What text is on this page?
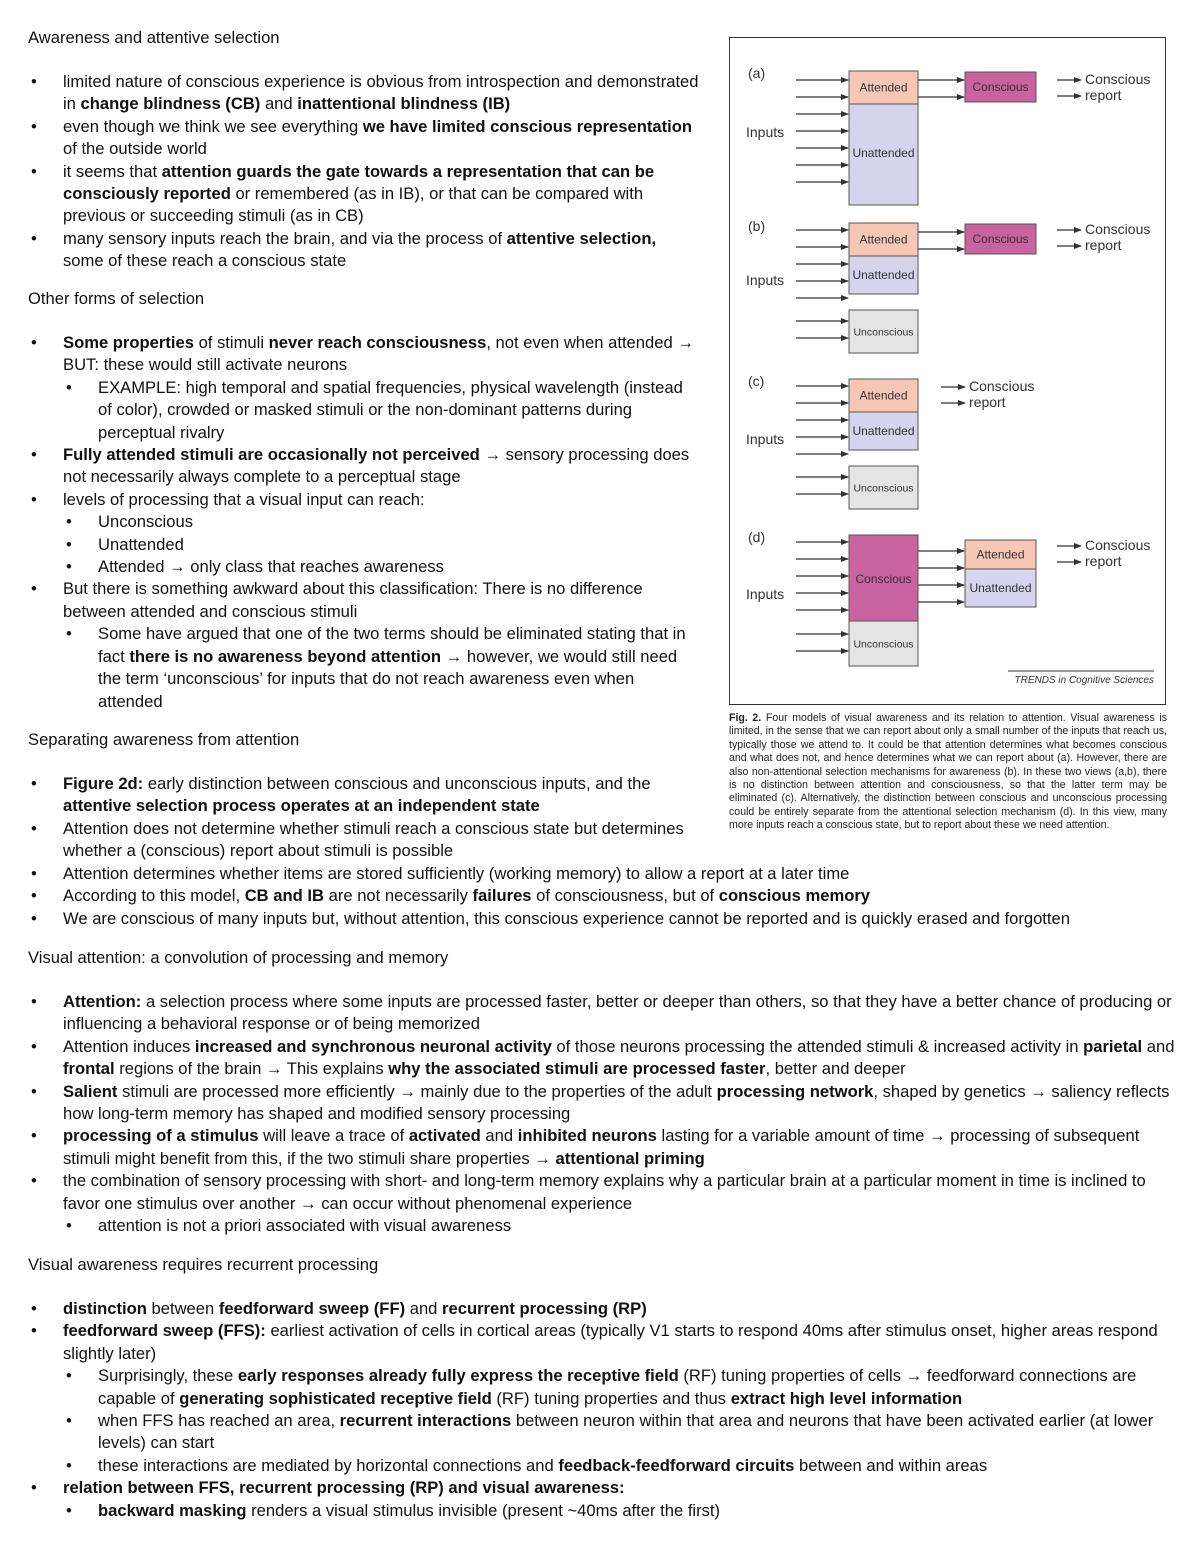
Awareness and attentive selection
• limited nature of conscious experience is obvious from introspection and demonstrated in change blindness (CB) and inattentional blindness (IB)
• even though we think we see everything we have limited conscious representation of the outside world
• it seems that attention guards the gate towards a representation that can be consciously reported or remembered (as in IB), or that can be compared with previous or succeeding stimuli (as in CB)
• many sensory inputs reach the brain, and via the process of attentive selection, some of these reach a conscious state
Other forms of selection
• Some properties of stimuli never reach consciousness, not even when attended → BUT: these would still activate neurons
• EXAMPLE: high temporal and spatial frequencies, physical wavelength (instead of color), crowded or masked stimuli or the non-dominant patterns during perceptual rivalry
• Fully attended stimuli are occasionally not perceived → sensory processing does not necessarily always complete to a perceptual stage
• levels of processing that a visual input can reach:
• Unconscious
• Unattended
• Attended → only class that reaches awareness
• But there is something awkward about this classification: There is no difference between attended and conscious stimuli
• Some have argued that one of the two terms should be eliminated stating that in fact there is no awareness beyond attention → however, we would still need the term ‘unconscious’ for inputs that do not reach awareness even when attended
Separating awareness from attention
• Figure 2d: early distinction between conscious and unconscious inputs, and the attentive selection process operates at an independent state
• Attention does not determine whether stimuli reach a conscious state but determines whether a (conscious) report about stimuli is possible
• Attention determines whether items are stored sufficiently (working memory) to allow a report at a later time
• According to this model, CB and IB are not necessarily failures of consciousness, but of conscious memory
• We are conscious of many inputs but, without attention, this conscious experience cannot be reported and is quickly erased and forgotten
Visual attention: a convolution of processing and memory
• Attention: a selection process where some inputs are processed faster, better or deeper than others, so that they have a better chance of producing or influencing a behavioral response or of being memorized
• Attention induces increased and synchronous neuronal activity of those neurons processing the attended stimuli & increased activity in parietal and frontal regions of the brain → This explains why the associated stimuli are processed faster, better and deeper
• Salient stimuli are processed more efficiently → mainly due to the properties of the adult processing network, shaped by genetics → saliency reflects how long-term memory has shaped and modified sensory processing
• processing of a stimulus will leave a trace of activated and inhibited neurons lasting for a variable amount of time → processing of subsequent stimuli might benefit from this, if the two stimuli share properties → attentional priming
• the combination of sensory processing with short- and long-term memory explains why a particular brain at a particular moment in time is inclined to favor one stimulus over another → can occur without phenomenal experience
• attention is not a priori associated with visual awareness
Visual awareness requires recurrent processing
• distinction between feedforward sweep (FF) and recurrent processing (RP)
• feedforward sweep (FFS): earliest activation of cells in cortical areas (typically V1 starts to respond 40ms after stimulus onset, higher areas respond slightly later)
• Surprisingly, these early responses already fully express the receptive field (RF) tuning properties of cells → feedforward connections are capable of generating sophisticated receptive field (RF) tuning properties and thus extract high level information
• when FFS has reached an area, recurrent interactions between neuron within that area and neurons that have been activated earlier (at lower levels) can start
• these interactions are mediated by horizontal connections and feedback-feedforward circuits between and within areas
• relation between FFS, recurrent processing (RP) and visual awareness:
• backward masking renders a visual stimulus invisible (present ~40ms after the first)
(a)
Inputs
Attended
Unattended
Conscious	Conscious
report
(b)
Inputs
Attended
Unattended
Unconscious
Conscious
Conscious
report
(c)
Inputs
Attended
Unattended
Unconscious
Conscious
report
(d)
Inputs
Conscious
Unconscious
Attended
Unattended
Conscious
report
TRENDS in Cognitive Sciences
Fig. 2. Four models of visual awareness and its relation to attention. Visual awareness is limited, in the sense that we can report about only a small number of the inputs that reach us, typically those we attend to. It could be that attention determines what becomes conscious and what does not, and hence determines what we can report about (a). However, there are also non-attentional selection mechanisms for awareness (b). In these two views (a,b), there is no distinction between attention and consciousness, so that the latter term may be eliminated (c). Alternatively, the distinction between conscious and unconscious processing could be entirely separate from the attentional selection mechanism (d). In this view, many more inputs reach a conscious state, but to report about these we need attention.
